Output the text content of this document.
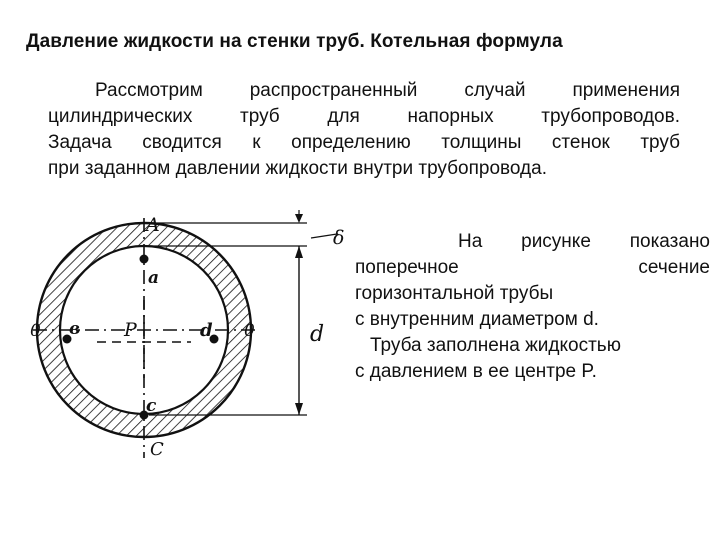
Давление жидкости на стенки труб. Котельная формула
Рассмотрим распространенный случай применения
цилиндрических труб для напорных трубопроводов.
Задача сводится к определению толщины стенок труб
при заданном давлении жидкости внутри трубопровода.
A
C
a
в
c
d
P
0	0	d
δ	На рисунке показано
поперечное сечение
горизонтальной трубы
с внутренним диаметром d.
Труба заполнена жидкостью
с давлением в ее центре P.
